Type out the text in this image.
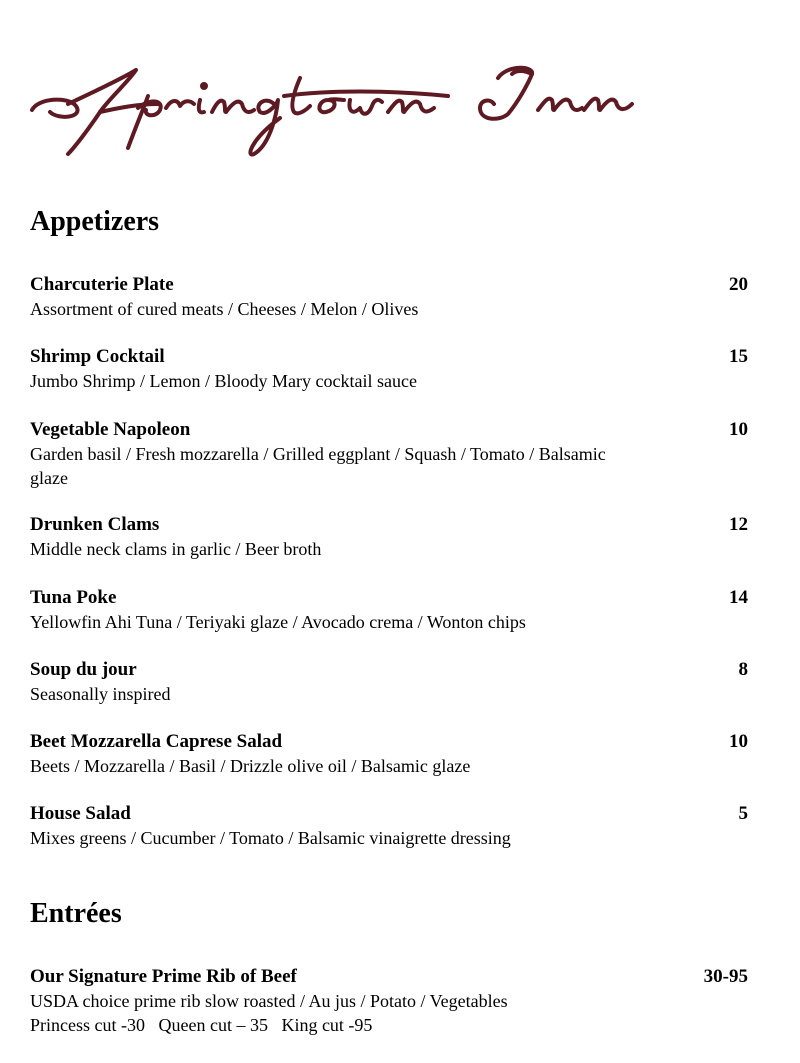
Appetizers
Charcuterie Plate	20
Assortment of cured meats / Cheeses / Melon / Olives
Shrimp Cocktail	15
Jumbo Shrimp / Lemon / Bloody Mary cocktail sauce
Vegetable Napoleon	10
Garden basil / Fresh mozzarella / Grilled eggplant / Squash / Tomato / Balsamic glaze
Drunken Clams	12
Middle neck clams in garlic / Beer broth
Tuna Poke	14
Yellowfin Ahi Tuna / Teriyaki glaze / Avocado crema / Wonton chips
Soup du jour	8
Seasonally inspired
Beet Mozzarella Caprese Salad	10
Beets / Mozzarella / Basil / Drizzle olive oil / Balsamic glaze
House Salad	5
Mixes greens / Cucumber / Tomato / Balsamic vinaigrette dressing
Entrées
Our Signature Prime Rib of Beef	30-95
USDA choice prime rib slow roasted / Au jus / Potato / Vegetables
Princess cut -30   Queen cut – 35   King cut -95
